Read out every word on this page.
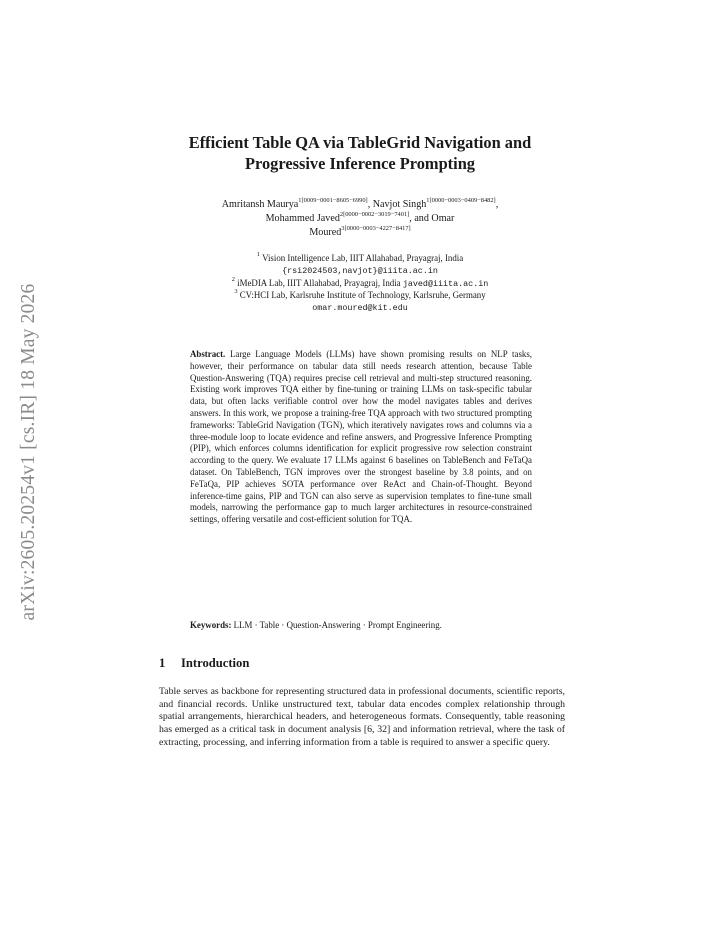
arXiv:2605.20254v1 [cs.IR] 18 May 2026
Efficient Table QA via TableGrid Navigation and
Progressive Inference Prompting
Amritansh Maurya$^{1[0009-0001-8605-6990]}$, Navjot Singh$^{1[0000-0003-0409-8482]}$,
Mohammed Javed$^{2[0000-0002-3019-7401]}$, and Omar
Moured$^{3[0000-0003-4227-8417]}$
$^1$ Vision Intelligence Lab, IIIT Allahabad, Prayagraj, India
{rsi2024503,navjot}@iiita.ac.in
$^2$ iMeDIA Lab, IIIT Allahabad, Prayagraj, India javed@iiita.ac.in
$^3$ CV:HCI Lab, Karlsruhe Institute of Technology, Karlsruhe, Germany
omar.moured@kit.edu
Abstract. Large Language Models (LLMs) have shown promising results on NLP tasks, however, their performance on tabular data still needs research attention, because Table Question-Answering (TQA) requires precise cell retrieval and multi-step structured reasoning. Existing work improves TQA either by fine-tuning or training LLMs on task-specific tabular data, but often lacks verifiable control over how the model navigates tables and derives answers. In this work, we propose a training-free TQA approach with two structured prompting frameworks: TableGrid Navigation (TGN), which iteratively navigates rows and columns via a three-module loop to locate evidence and refine answers, and Progressive Inference Prompting (PIP), which enforces columns identification for explicit progressive row selection constraint according to the query. We evaluate 17 LLMs against 6 baselines on TableBench and FeTaQa dataset. On TableBench, TGN improves over the strongest baseline by 3.8 points, and on FeTaQa, PIP achieves SOTA performance over ReAct and Chain-of-Thought. Beyond inference-time gains, PIP and TGN can also serve as supervision templates to fine-tune small models, narrowing the performance gap to much larger architectures in resource-constrained settings, offering versatile and cost-efficient solution for TQA.
Keywords: LLM · Table · Question-Answering · Prompt Engineering.
1 Introduction
Table serves as backbone for representing structured data in professional documents, scientific reports, and financial records. Unlike unstructured text, tabular data encodes complex relationship through spatial arrangements, hierarchical headers, and heterogeneous formats. Consequently, table reasoning has emerged as a critical task in document analysis [6, 32] and information retrieval, where the task of extracting, processing, and inferring information from a table is required to answer a specific query.
